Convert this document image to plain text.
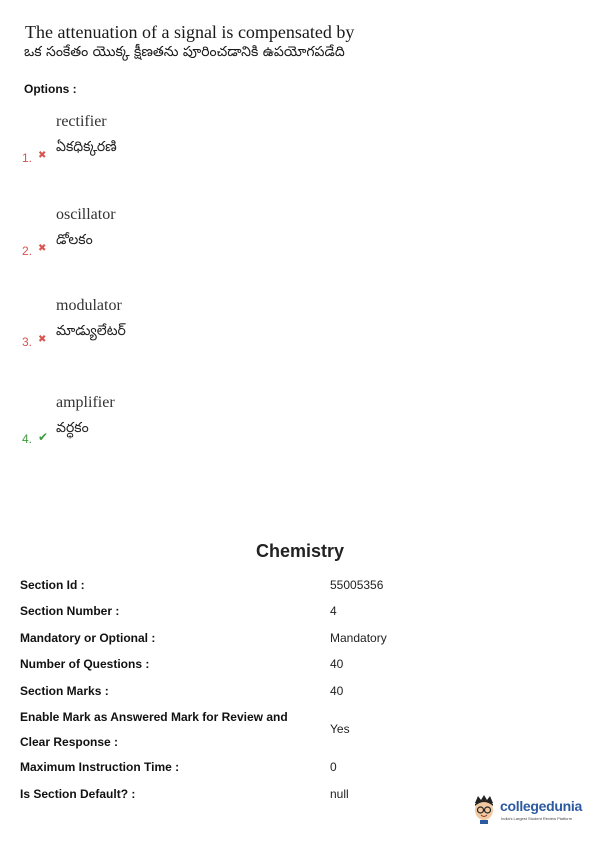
The attenuation of a signal is compensated by
ఒక సంకేతం యొక్క క్షీణతను పూరించడానికి ఉపయోగపడేది
Options :
rectifier
ఏకధిక్కరణి
1. ✖
oscillator
డోలకం
2. ✖
modulator
మాడ్యులేటర్
3. ✖
amplifier
వర్ధకం
4. ✔
Chemistry
Section Id :	55005356
Section Number :	4
Mandatory or Optional :	Mandatory
Number of Questions :	40
Section Marks :	40
Enable Mark as Answered Mark for Review and
Clear Response :
Yes
Maximum Instruction Time :	0
Is Section Default? :	null
collegedunia
India's Largest Student Review Platform
